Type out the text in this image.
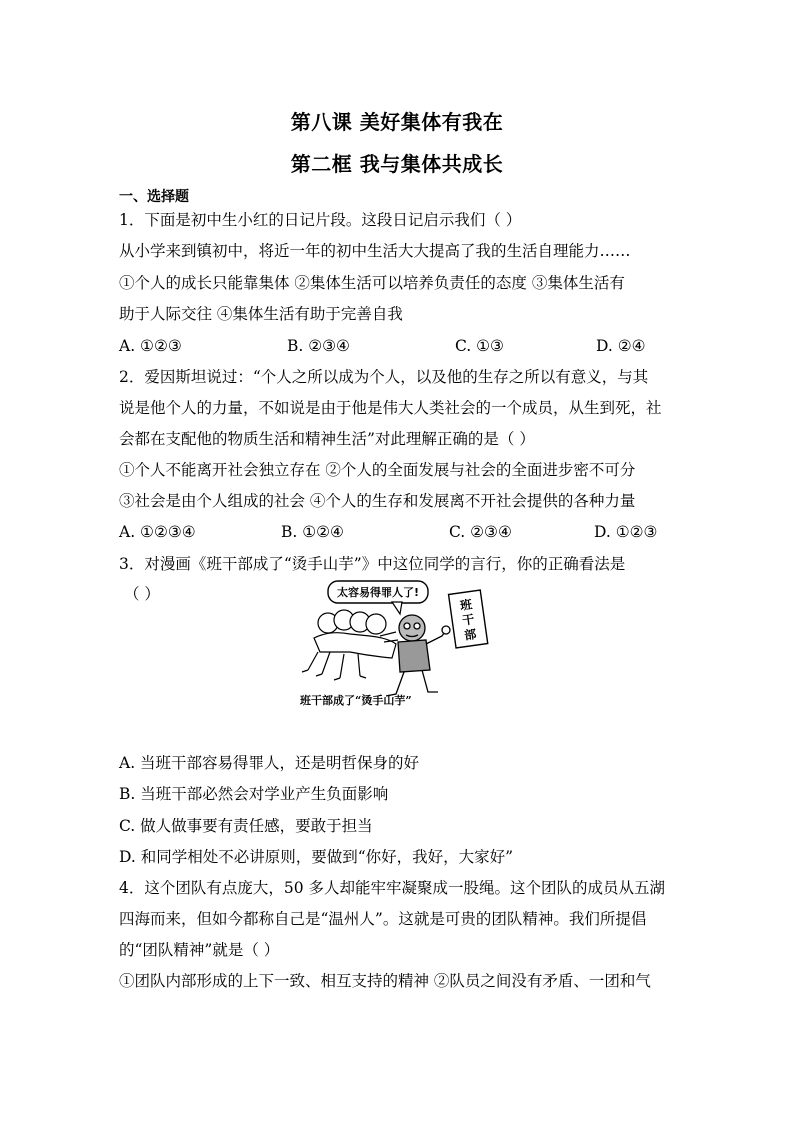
第八课 美好集体有我在
第二框 我与集体共成长
一、选择题
1．下面是初中生小红的日记片段。这段日记启示我们（ ）
从小学来到镇初中，将近一年的初中生活大大提高了我的生活自理能力……
①个人的成长只能靠集体 ②集体生活可以培养负责任的态度 ③集体生活有
助于人际交往 ④集体生活有助于完善自我
A. ①②③	B. ②③④	C. ①③	D. ②④
2．爱因斯坦说过：“个人之所以成为个人，以及他的生存之所以有意义，与其
说是他个人的力量，不如说是由于他是伟大人类社会的一个成员，从生到死，社
会都在支配他的物质生活和精神生活”对此理解正确的是（ ）
①个人不能离开社会独立存在 ②个人的全面发展与社会的全面进步密不可分
③社会是由个人组成的社会 ④个人的生存和发展离不开社会提供的各种力量
A. ①②③④	B. ①②④	C. ②③④	D. ①②③
3．对漫画《班干部成了“烫手山芋”》中这位同学的言行，你的正确看法是
（ ）	太容易得罪人了!
班
干
部
班干部成了“烫手山芋”
A. 当班干部容易得罪人，还是明哲保身的好
B. 当班干部必然会对学业产生负面影响
C. 做人做事要有责任感，要敢于担当
D. 和同学相处不必讲原则，要做到“你好，我好，大家好”
4．这个团队有点庞大，50 多人却能牢牢凝聚成一股绳。这个团队的成员从五湖
四海而来，但如今都称自己是“温州人”。这就是可贵的团队精神。我们所提倡
的“团队精神”就是（ ）
①团队内部形成的上下一致、相互支持的精神 ②队员之间没有矛盾、一团和气
